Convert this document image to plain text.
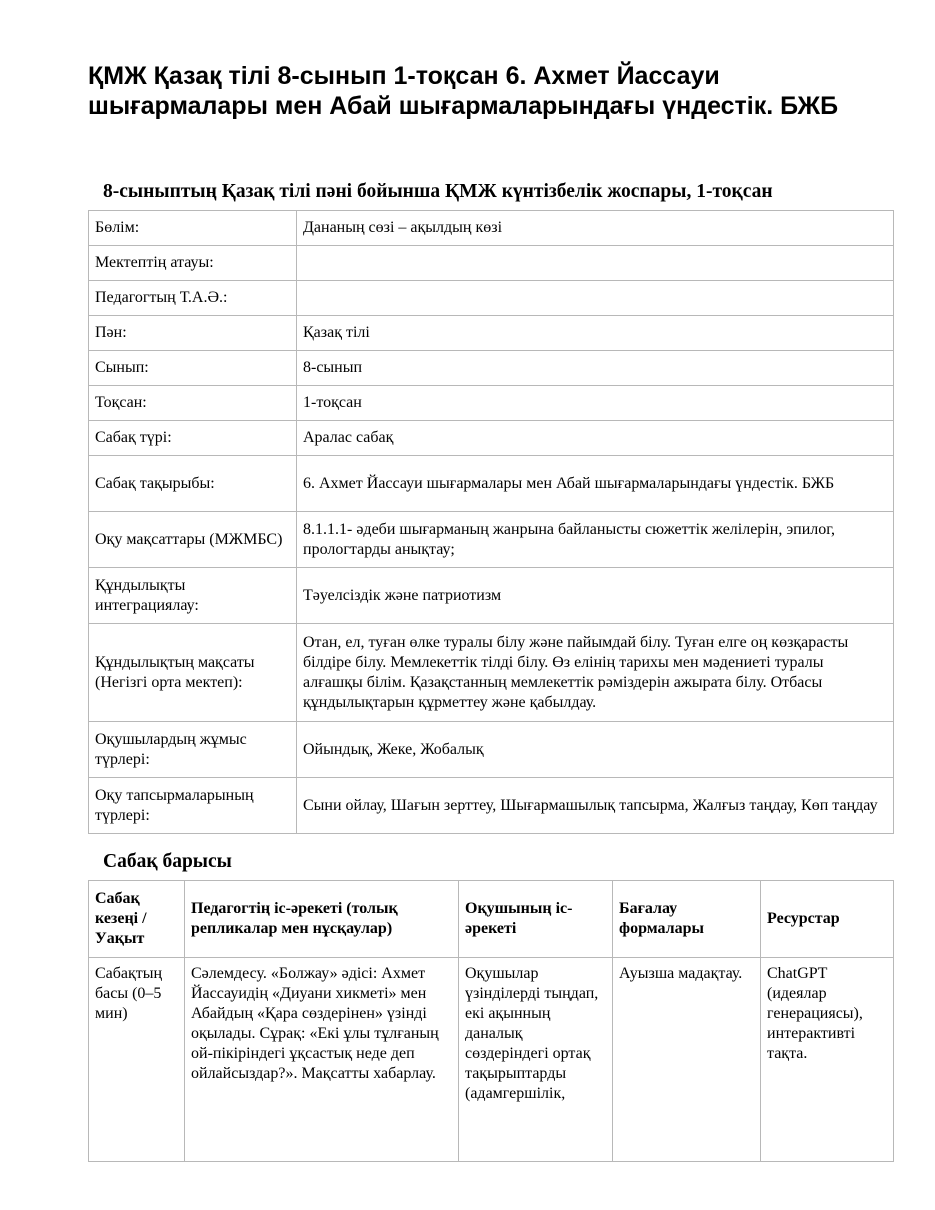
ҚМЖ Қазақ тілі 8-сынып 1-тоқсан 6. Ахмет Йассауи шығармалары мен Абай шығармаларындағы үндестік. БЖБ
8-сыныптың Қазақ тілі пәні бойынша ҚМЖ күнтізбелік жоспары, 1-тоқсан
Бөлім:	Дананың сөзі – ақылдың көзі
Мектептің атауы:	
Педагогтың Т.А.Ә.:	
Пән:	Қазақ тілі
Сынып:	8-сынып
Тоқсан:	1-тоқсан
Сабақ түрі:	Аралас сабақ
Сабақ тақырыбы:	6. Ахмет Йассауи шығармалары мен Абай шығармаларындағы үндестік. БЖБ
Оқу мақсаттары (МЖМБС)	8.1.1.1- әдеби шығарманың жанрына байланысты сюжеттік желілерін, эпилог, прологтарды анықтау;
Құндылықты интеграциялау:	Тәуелсіздік және патриотизм
Құндылықтың мақсаты (Негізгі орта мектеп):	Отан, ел, туған өлке туралы білу және пайымдай білу. Туған елге оң көзқарасты білдіре білу. Мемлекеттік тілді білу. Өз елінің тарихы мен мәдениеті туралы алғашқы білім. Қазақстанның мемлекеттік рәміздерін ажырата білу. Отбасы құндылықтарын құрметтеу және қабылдау.
Оқушылардың жұмыс түрлері:	Ойындық, Жеке, Жобалық
Оқу тапсырмаларының түрлері:	Сыни ойлау, Шағын зерттеу, Шығармашылық тапсырма, Жалғыз таңдау, Көп таңдау
Сабақ барысы
Сабақ кезеңі / Уақыт	Педагогтің іс-әрекеті (толық репликалар мен нұсқаулар)	Оқушының іс-әрекеті	Бағалау формалары	Ресурстар
Сабақтың басы (0–5 мин)	Сәлемдесу. «Болжау» әдісі: Ахмет Йассауидің «Диуани хикметі» мен Абайдың «Қара сөздерінен» үзінді оқылады. Сұрақ: «Екі ұлы тұлғаның ой-пікіріндегі ұқсастық неде деп ойлайсыздар?». Мақсатты хабарлау.	Оқушылар үзінділерді тыңдап, екі ақынның даналық сөздеріндегі ортақ тақырыптарды (адамгершілік,	Ауызша мадақтау.	ChatGPT (идеялар генерациясы), интерактивті тақта.
